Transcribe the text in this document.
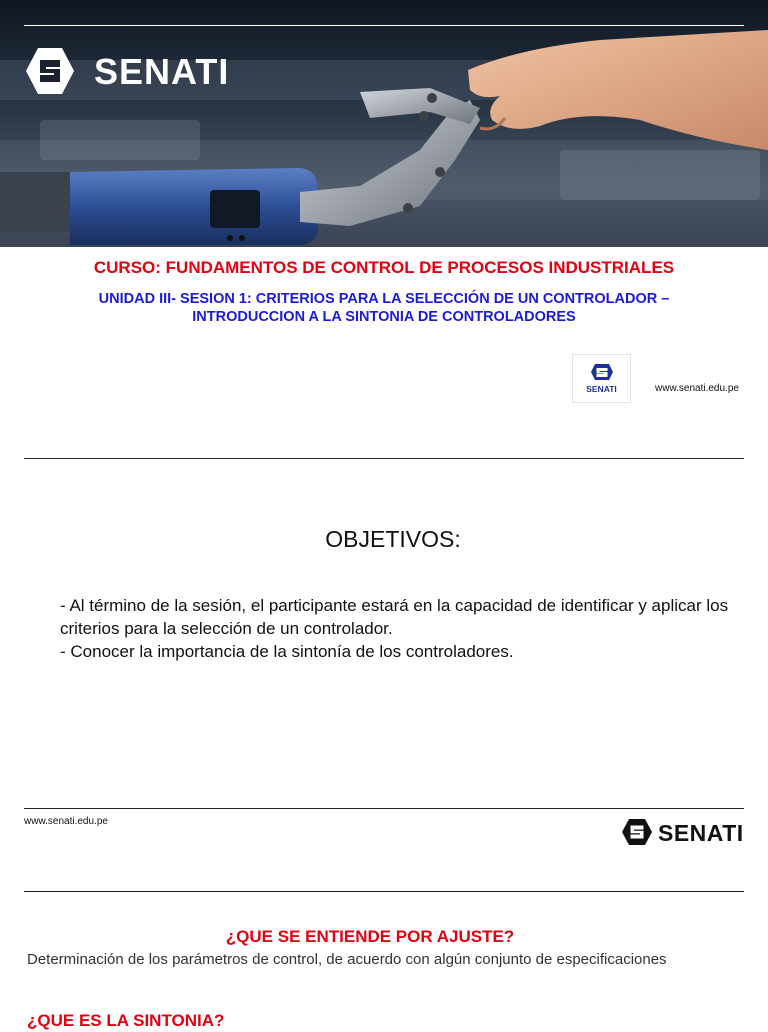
SENATI
CURSO: FUNDAMENTOS DE CONTROL DE PROCESOS INDUSTRIALES
UNIDAD III- SESION 1: CRITERIOS PARA LA SELECCIÓN DE UN CONTROLADOR –
INTRODUCCION A LA SINTONIA DE CONTROLADORES
SENATI	www.senati.edu.pe
OBJETIVOS:
- Al término de la sesión, el participante estará en la capacidad de identificar y aplicar los criterios para la selección de un controlador.
- Conocer la importancia de la sintonía de los controladores.
www.senati.edu.pe	SENATI
¿QUE SE ENTIENDE POR AJUSTE?
Determinación de los parámetros de control, de acuerdo con algún conjunto de especificaciones
¿QUE ES LA SINTONIA?
